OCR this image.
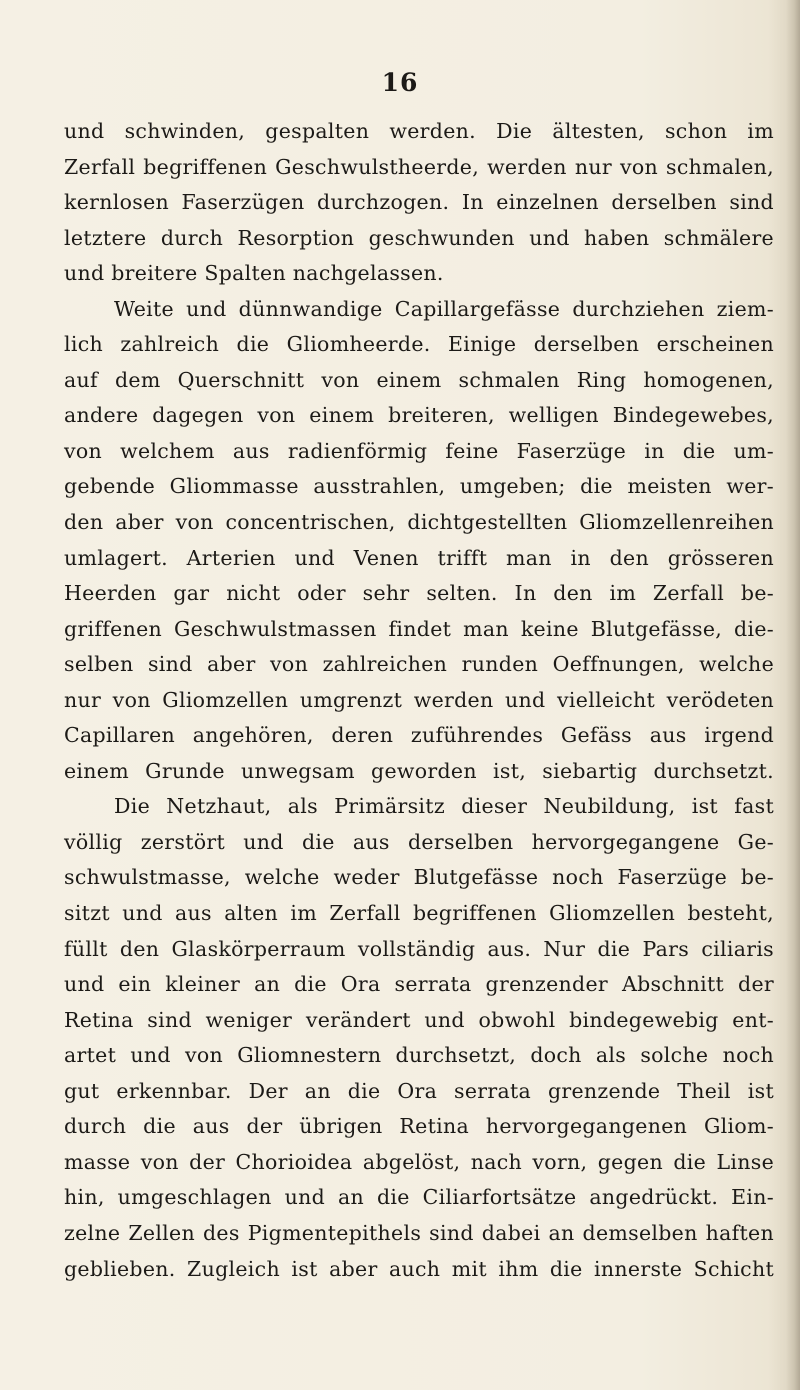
16
und schwinden, gespalten werden. Die ältesten, schon im
Zerfall begriffenen Geschwulstheerde, werden nur von schmalen,
kernlosen Faserzügen durchzogen. In einzelnen derselben sind
letztere durch Resorption geschwunden und haben schmälere
und breitere Spalten nachgelassen.
Weite und dünnwandige Capillargefässe durchziehen ziem-
lich zahlreich die Gliomheerde. Einige derselben erscheinen
auf dem Querschnitt von einem schmalen Ring homogenen,
andere dagegen von einem breiteren, welligen Bindegewebes,
von welchem aus radienförmig feine Faserzüge in die um-
gebende Gliommasse ausstrahlen, umgeben; die meisten wer-
den aber von concentrischen, dichtgestellten Gliomzellenreihen
umlagert. Arterien und Venen trifft man in den grösseren
Heerden gar nicht oder sehr selten. In den im Zerfall be-
griffenen Geschwulstmassen findet man keine Blutgefässe, die-
selben sind aber von zahlreichen runden Oeffnungen, welche
nur von Gliomzellen umgrenzt werden und vielleicht verödeten
Capillaren angehören, deren zuführendes Gefäss aus irgend
einem Grunde unwegsam geworden ist, siebartig durchsetzt.
Die Netzhaut, als Primärsitz dieser Neubildung, ist fast
völlig zerstört und die aus derselben hervorgegangene Ge-
schwulstmasse, welche weder Blutgefässe noch Faserzüge be-
sitzt und aus alten im Zerfall begriffenen Gliomzellen besteht,
füllt den Glaskörperraum vollständig aus. Nur die Pars ciliaris
und ein kleiner an die Ora serrata grenzender Abschnitt der
Retina sind weniger verändert und obwohl bindegewebig ent-
artet und von Gliomnestern durchsetzt, doch als solche noch
gut erkennbar. Der an die Ora serrata grenzende Theil ist
durch die aus der übrigen Retina hervorgegangenen Gliom-
masse von der Chorioidea abgelöst, nach vorn, gegen die Linse
hin, umgeschlagen und an die Ciliarfortsätze angedrückt. Ein-
zelne Zellen des Pigmentepithels sind dabei an demselben haften
geblieben. Zugleich ist aber auch mit ihm die innerste Schicht
